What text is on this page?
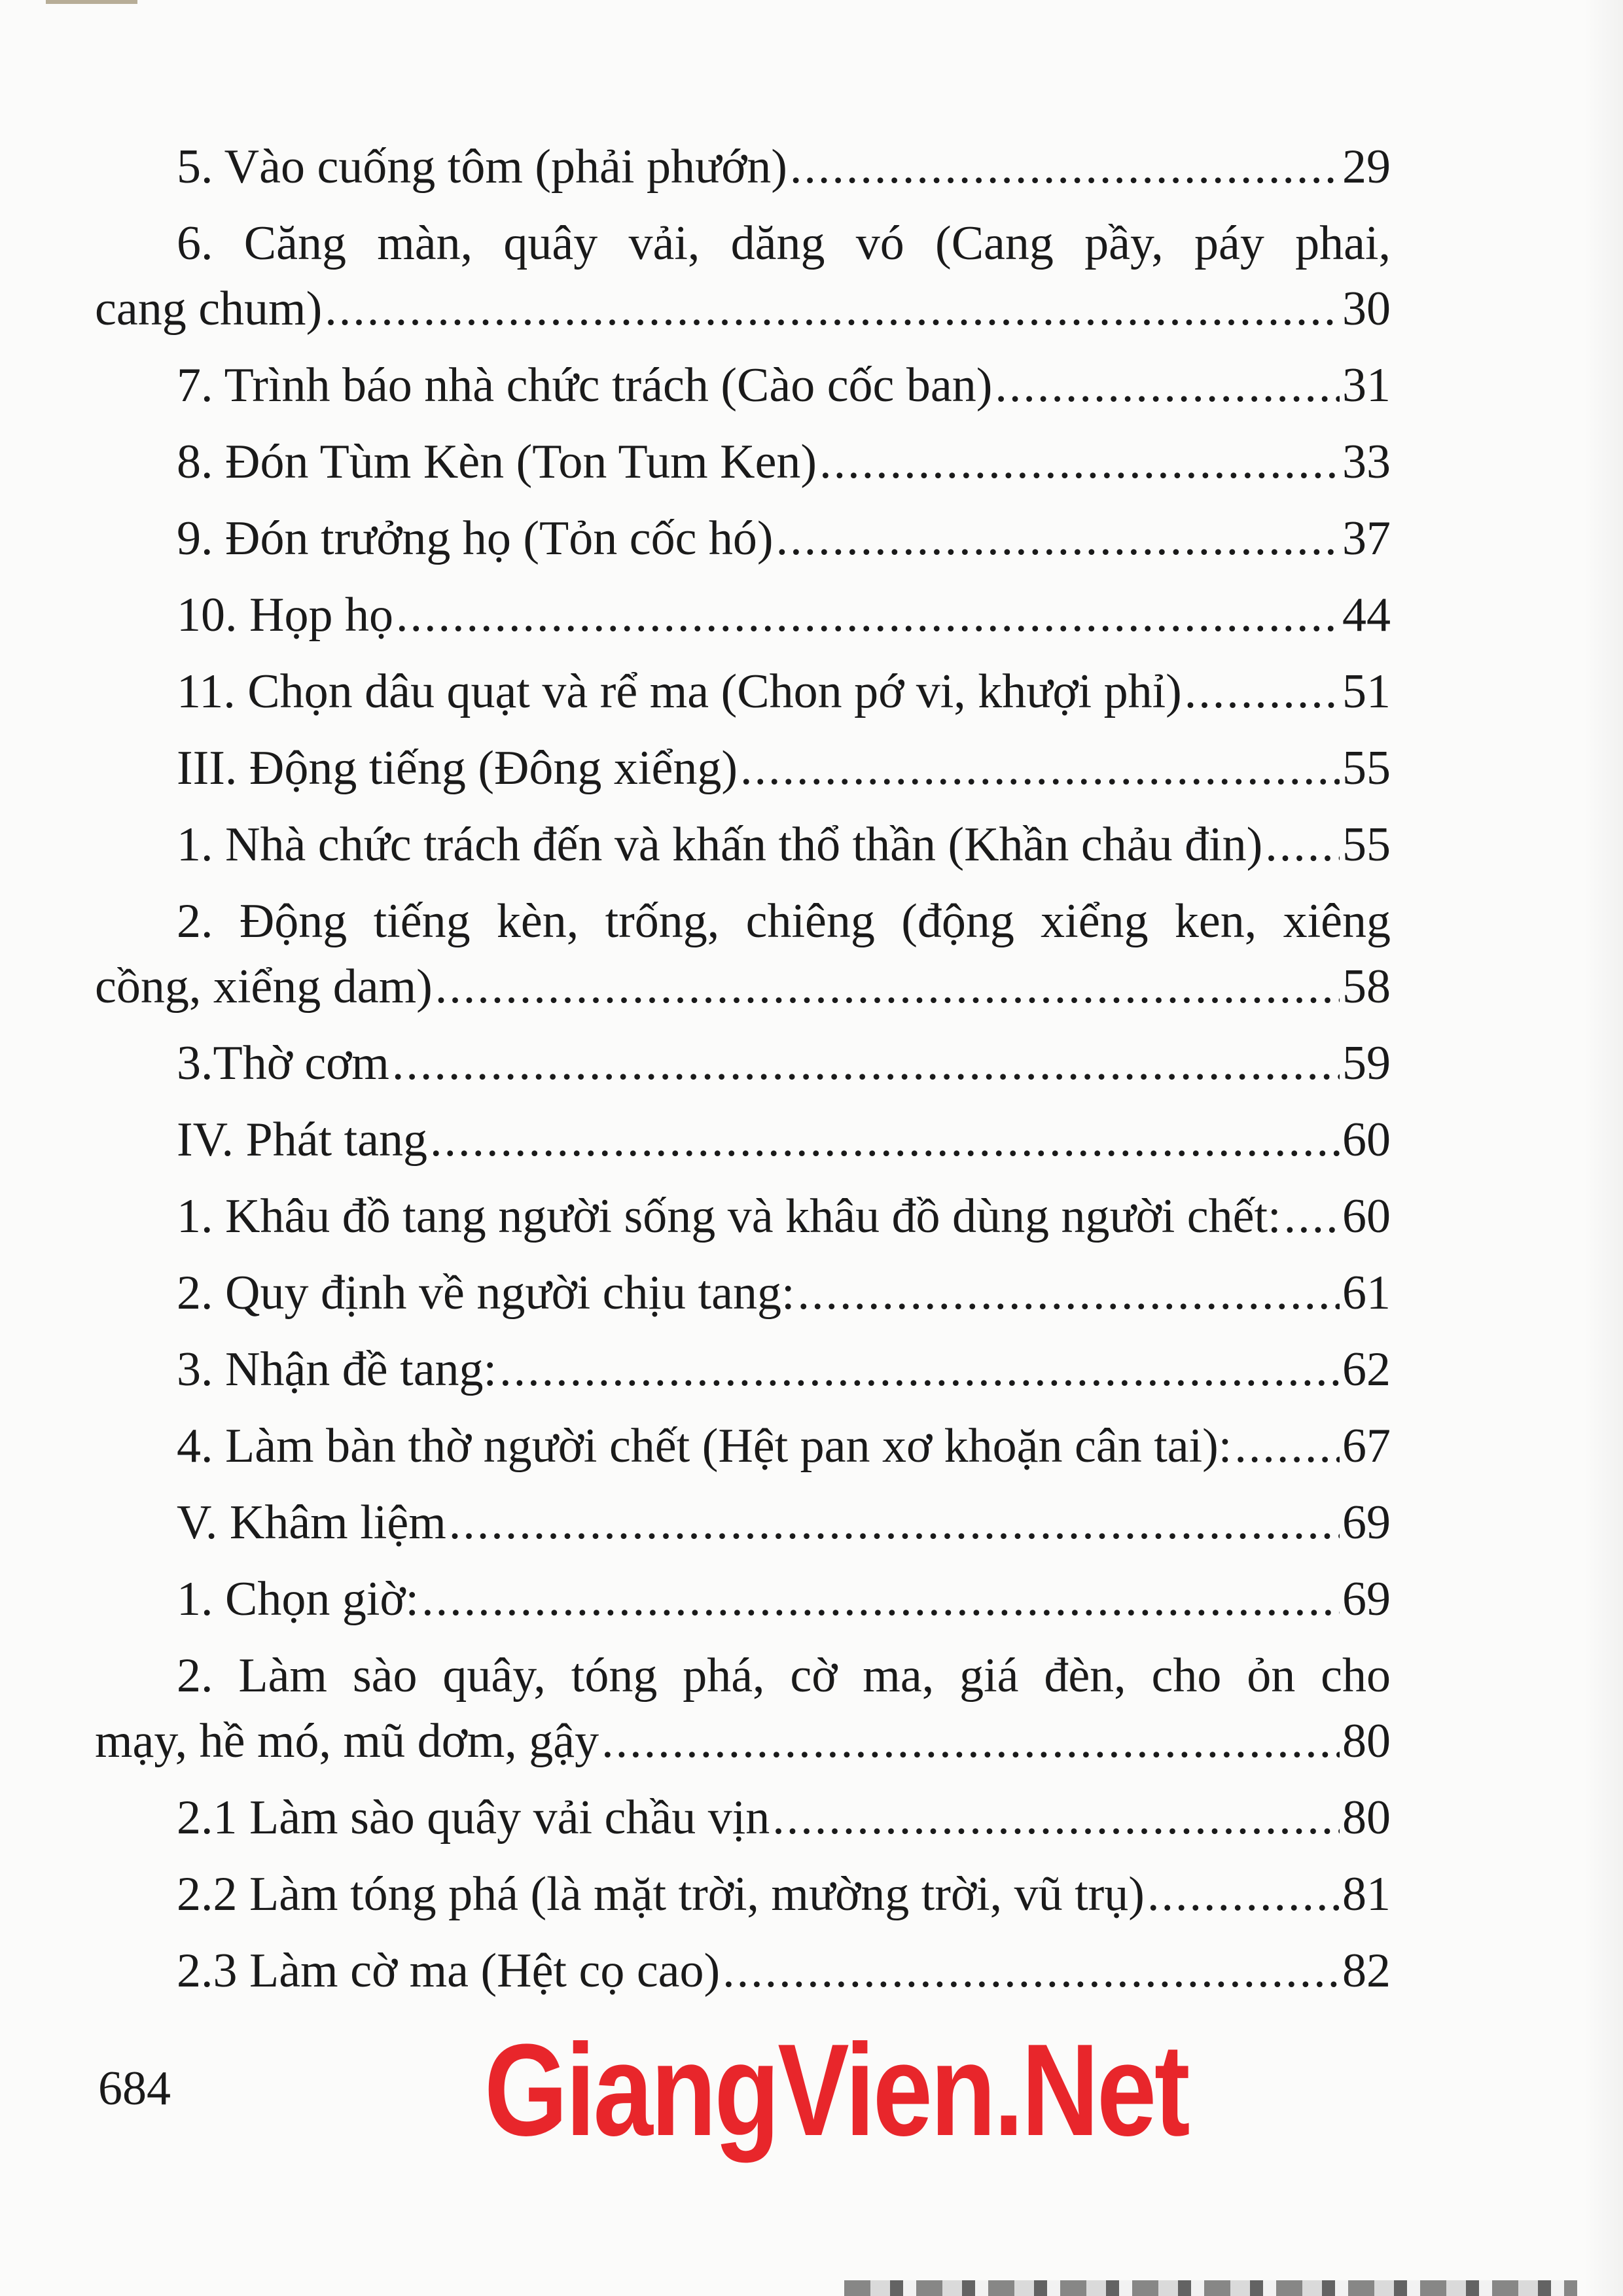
5. Vào cuống tôm (phải phướn) .....	29
6. Căng màn, quây vải, dăng vó (Cang pầy, páy phai,
cang chum) .....	30
7. Trình báo nhà chức trách (Cào cốc ban) .....	31
8. Đón Tùm Kèn (Ton Tum Ken) .....	33
9. Đón trưởng họ (Tỏn cốc hó) .....	37
10. Họp họ .....	44
11. Chọn dâu quạt và rể ma (Chon pớ vi, khượi phỉ) .....	51
III. Động tiếng (Đông xiểng) .....	55
1. Nhà chức trách đến và khấn thổ thần (Khần chảu đin) ..... 55
2. Động tiếng kèn, trống, chiêng (động xiểng ken, xiêng
cồng, xiểng dam) .....	58
3.Thờ cơm .....	59
IV. Phát tang .....	60
1. Khâu đồ tang người sống và khâu đồ dùng người chết: ..... 60
2. Quy định về người chịu tang: .....	61
3. Nhận đề tang: .....	62
4. Làm bàn thờ người chết (Hệt pan xơ khoặn cân tai): ..... 67
V. Khâm liệm .....	69
1. Chọn giờ: .....	69
2. Làm sào quây, tóng phá, cờ ma, giá đèn, cho ỏn cho
mạy, hề mó, mũ dơm, gậy .....	80
2.1 Làm sào quây vải chầu vịn .....	80
2.2 Làm tóng phá (là mặt trời, mường trời, vũ trụ) .....	81
2.3 Làm cờ ma (Hệt cọ cao) .....	82
684 GiangVien.Net
